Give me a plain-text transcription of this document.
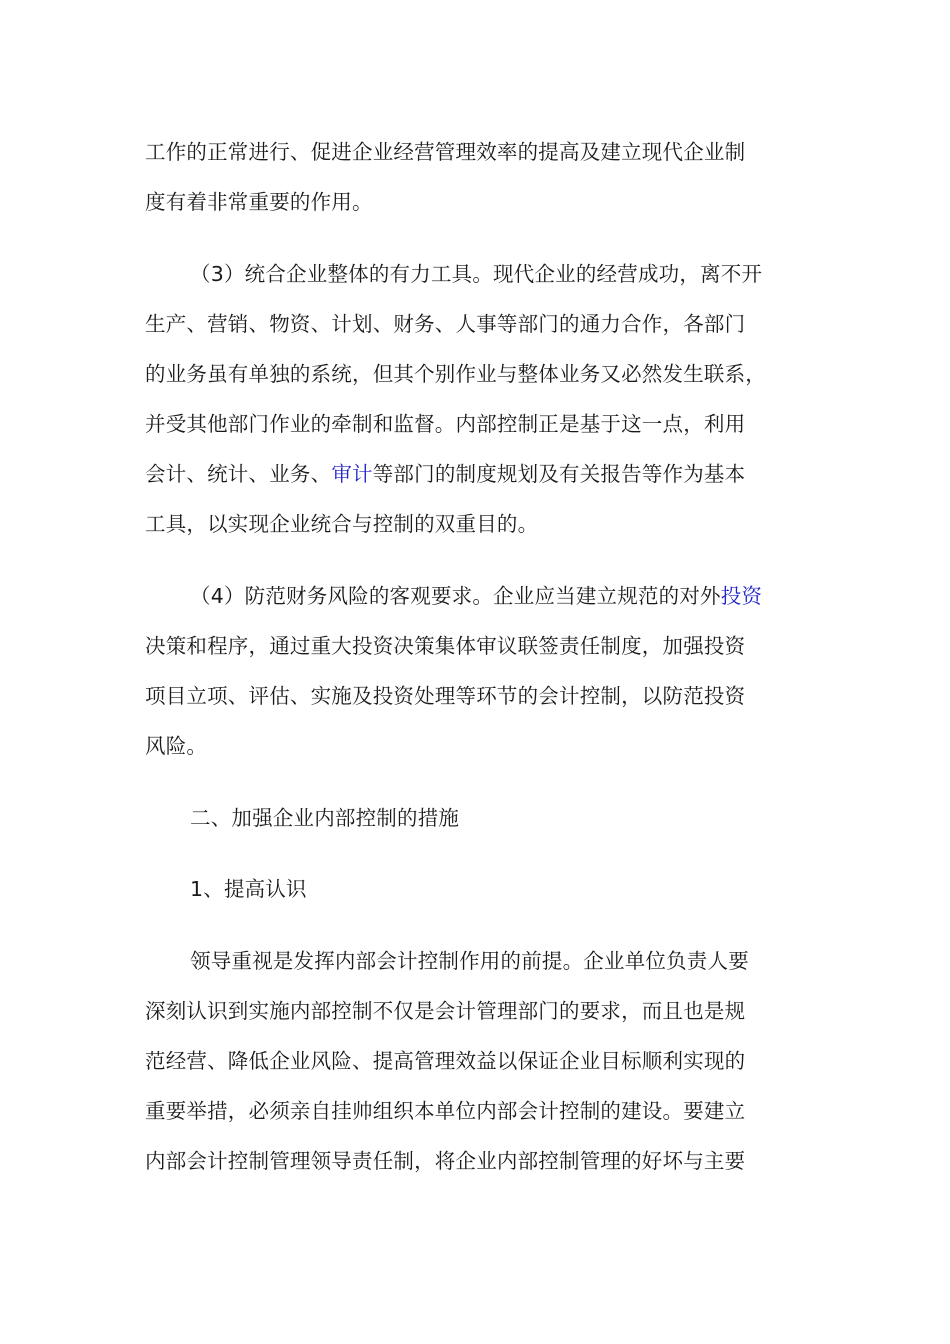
工作的正常进行、促进企业经营管理效率的提高及建立现代企业制
度有着非常重要的作用。
（3）统合企业整体的有力工具。现代企业的经营成功，离不开
生产、营销、物资、计划、财务、人事等部门的通力合作，各部门
的业务虽有单独的系统，但其个别作业与整体业务又必然发生联系，
并受其他部门作业的牵制和监督。内部控制正是基于这一点，利用
会计、统计、业务、审计等部门的制度规划及有关报告等作为基本
工具，以实现企业统合与控制的双重目的。
（4）防范财务风险的客观要求。企业应当建立规范的对外投资
决策和程序，通过重大投资决策集体审议联签责任制度，加强投资
项目立项、评估、实施及投资处理等环节的会计控制，以防范投资
风险。
二、加强企业内部控制的措施
1、提高认识
领导重视是发挥内部会计控制作用的前提。企业单位负责人要
深刻认识到实施内部控制不仅是会计管理部门的要求，而且也是规
范经营、降低企业风险、提高管理效益以保证企业目标顺利实现的
重要举措，必须亲自挂帅组织本单位内部会计控制的建设。要建立
内部会计控制管理领导责任制，将企业内部控制管理的好坏与主要
